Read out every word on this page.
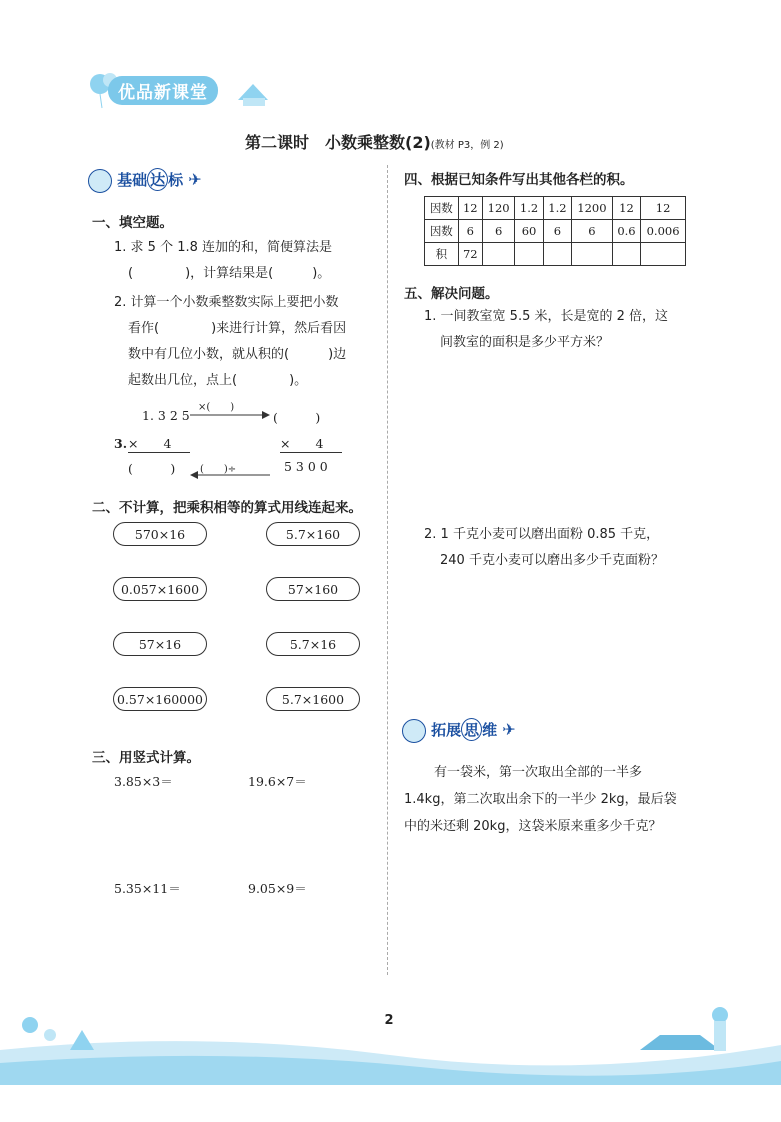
优品新课堂
第二课时　小数乘整数(2)(教材 P3，例 2)
基础 达 标 ✈
一、填空题。
1. 求 5 个 1.8 连加的和，简便算法是
(　　　　)，计算结果是(　　　)。
2. 计算一个小数乘整数实际上要把小数
看作(　　　　)来进行计算，然后看因
数中有几位小数，就从积的(　　　)边
起数出几位，点上(　　　　)。
3.
1. 3 2 5
×(　　)
(　　　)
×　　4	×　　4
(　　　) (　　)÷	5 3 0 0
二、不计算，把乘积相等的算式用线连起来。
570×16
0.057×1600
57×16
0.57×160000
5.7×160
57×160
5.7×16
5.7×1600
三、用竖式计算。
3.85×3＝	19.6×7＝
5.35×11＝	9.05×9＝
四、根据已知条件写出其他各栏的积。
因数	12	120	1.2	1.2	1200	12	12
因数	6	6	60	6	6	0.6	0.006
积	72						
五、解决问题。
1. 一间教室宽 5.5 米，长是宽的 2 倍，这
间教室的面积是多少平方米？
2. 1 千克小麦可以磨出面粉 0.85 千克，
240 千克小麦可以磨出多少千克面粉？
拓展 思 维 ✈
有一袋米，第一次取出全部的一半多
1.4kg，第二次取出余下的一半少 2kg，最后袋
中的米还剩 20kg，这袋米原来重多少千克？
2
